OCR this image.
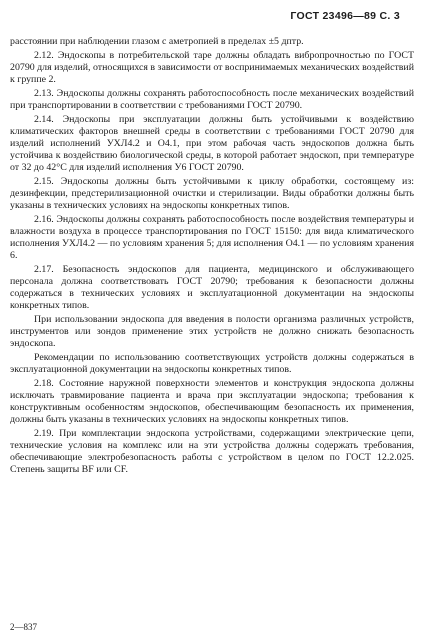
ГОСТ 23496—89 С. 3

расстоянии при наблюдении глазом с аметропией в пределах ±5 дптр.

2.12. Эндоскопы в потребительской таре должны обладать вибропрочностью по ГОСТ 20790 для изделий, относящихся в зависимости от воспринимаемых механических воздействий к группе 2.

2.13. Эндоскопы должны сохранять работоспособность после механических воздействий при транспортировании в соответствии с требованиями ГОСТ 20790.

2.14. Эндоскопы при эксплуатации должны быть устойчивыми к воздействию климатических факторов внешней среды в соответствии с требованиями ГОСТ 20790 для изделий исполнений УХЛ4.2 и О4.1, при этом рабочая часть эндоскопов должна быть устойчива к воздействию биологической среды, в которой работает эндоскоп, при температуре от 32 до 42°С для изделий исполнения У6 ГОСТ 20790.

2.15. Эндоскопы должны быть устойчивыми к циклу обработки, состоящему из: дезинфекции, предстерилизационной очистки и стерилизации. Виды обработки должны быть указаны в технических условиях на эндоскопы конкретных типов.

2.16. Эндоскопы должны сохранять работоспособность после воздействия температуры и влажности воздуха в процессе транспортирования по ГОСТ 15150: для вида климатического исполнения УХЛ4.2 — по условиям хранения 5; для исполнения О4.1 — по условиям хранения 6.

2.17. Безопасность эндоскопов для пациента, медицинского и обслуживающего персонала должна соответствовать ГОСТ 20790; требования к безопасности должны содержаться в технических условиях и эксплуатационной документации на эндоскопы конкретных типов.

При использовании эндоскопа для введения в полости организма различных устройств, инструментов или зондов применение этих устройств не должно снижать безопасность эндоскопа.

Рекомендации по использованию соответствующих устройств должны содержаться в эксплуатационной документации на эндоскопы конкретных типов.

2.18. Состояние наружной поверхности элементов и конструкция эндоскопа должны исключать травмирование пациента и врача при эксплуатации эндоскопа; требования к конструктивным особенностям эндоскопов, обеспечивающим безопасность их применения, должны быть указаны в технических условиях на эндоскопы конкретных типов.

2.19. При комплектации эндоскопа устройствами, содержащими электрические цепи, технические условия на комплекс или на эти устройства должны содержать требования, обеспечивающие электробезопасность работы с устройством в целом по ГОСТ 12.2.025. Степень защиты BF или CF.

2—837
